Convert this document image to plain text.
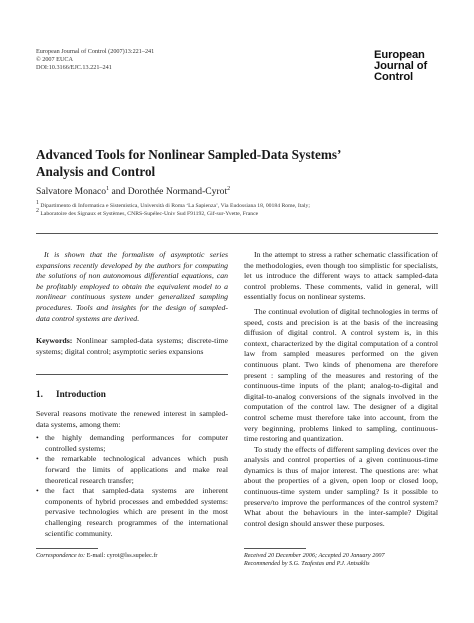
European Journal of Control (2007)13:221–241
© 2007 EUCA
DOI:10.3166/EJC.13.221–241
European
Journal of
Control
Advanced Tools for Nonlinear Sampled-Data Systems’
Analysis and Control
Salvatore Monaco$^1$ and Dorothée Normand-Cyrot$^2$
$^1$ Dipartimento di Informatica e Sistemistica, Università di Roma ‘La Sapienza’, Via Eudossiana 18, 00184 Rome, Italy;
$^2$ Laboratoire des Signaux et Systèmes, CNRS-Supélec-Univ Sud F91192, Gif-sur-Yvette, France

It is shown that the formalism of asymptotic series expansions recently developed by the authors for computing the solutions of non autonomous differential equations, can be profitably employed to obtain the equivalent model to a nonlinear continuous system under generalized sampling procedures. Tools and insights for the design of sampled-data control systems are derived.

Keywords: Nonlinear sampled-data systems; discrete-time systems; digital control; asymptotic series expansions
1. Introduction

Several reasons motivate the renewed interest in sampled-data systems, among them:

• the highly demanding performances for computer controlled systems;
• the remarkable technological advances which push forward the limits of applications and make real theoretical research transfer;
• the fact that sampled-data systems are inherent components of hybrid processes and embedded systems: pervasive technologies which are present in the most challenging research programmes of the international scientific community.

In the attempt to stress a rather schematic classification of the methodologies, even though too simplistic for specialists, let us introduce the different ways to attack sampled-data control problems. These comments, valid in general, will essentially focus on nonlinear systems.

The continual evolution of digital technologies in terms of speed, costs and precision is at the basis of the increasing diffusion of digital control. A control system is, in this context, characterized by the digital computation of a control law from sampled measures performed on the given continuous plant. Two kinds of phenomena are therefore present : sampling of the measures and restoring of the continuous-time inputs of the plant; analog-to-digital and digital-to-analog conversions of the signals involved in the computation of the control law. The designer of a digital control scheme must therefore take into account, from the very beginning, problems linked to sampling, continuous-time restoring and quantization.

To study the effects of different sampling devices over the analysis and control properties of a given continuous-time dynamics is thus of major interest. The questions are: what about the properties of a given, open loop or closed loop, continuous-time system under sampling? Is it possible to preserve/to improve the performances of the control system? What about the behaviours in the inter-sample? Digital control design should answer these purposes.

Correspondence to: E-mail: cyrot@lss.supelec.fr	Received 20 December 2006; Accepted 20 January 2007
Recommended by S.G. Tzafestas and P.J. Antsaklis
